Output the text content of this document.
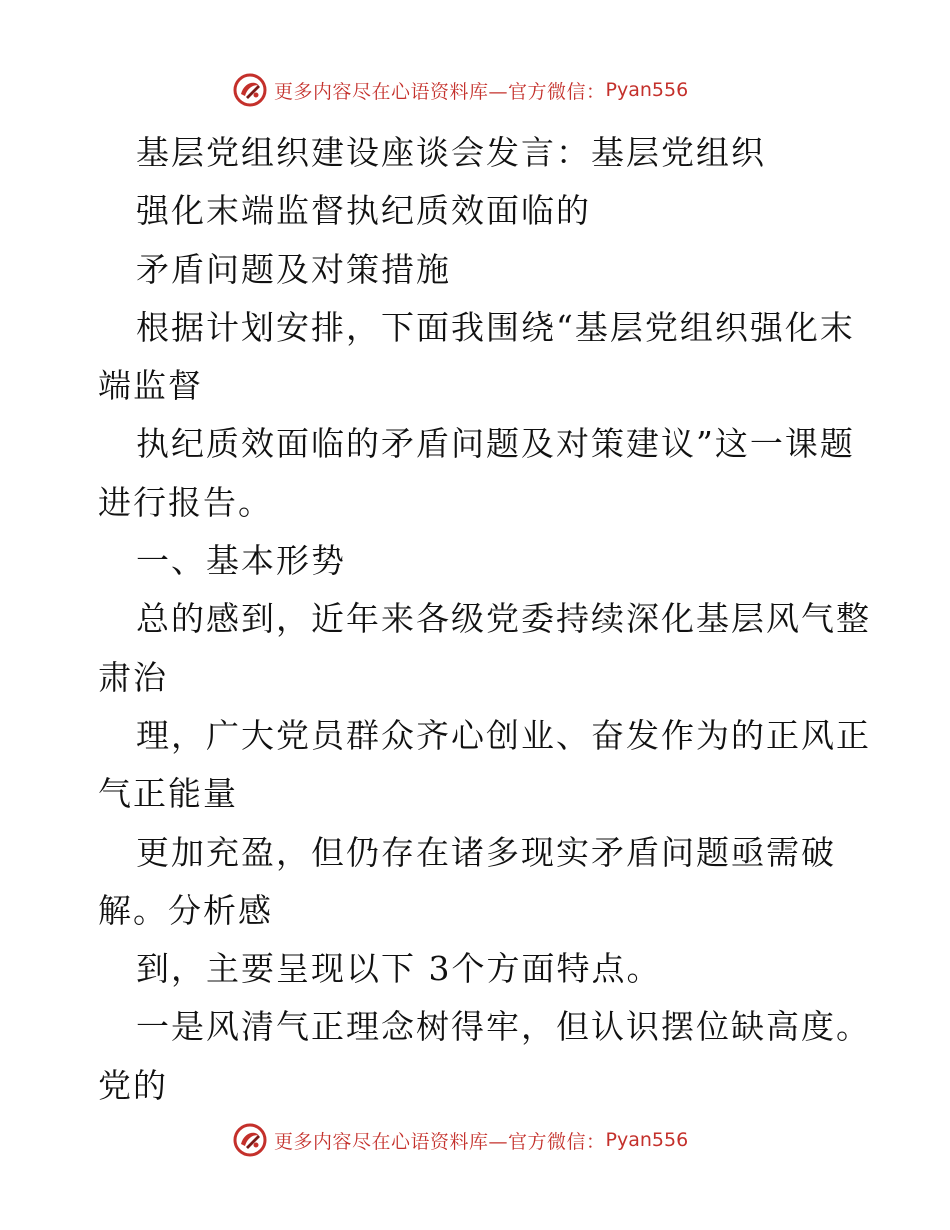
更多内容尽在心语资料库—官方微信： Pyan556
基层党组织建设座谈会发言：基层党组织
强化末端监督执纪质效面临的
矛盾问题及对策措施
根据计划安排，下面我围绕“基层党组织强化末
端监督
执纪质效面临的矛盾问题及对策建议”这一课题
进行报告。
一、基本形势
总的感到，近年来各级党委持续深化基层风气整
肃治
理，广大党员群众齐心创业、奋发作为的正风正
气正能量
更加充盈，但仍存在诸多现实矛盾问题亟需破
解。分析感
到，主要呈现以下 3个方面特点。
一是风清气正理念树得牢，但认识摆位缺高度。
党的
更多内容尽在心语资料库—官方微信： Pyan556
